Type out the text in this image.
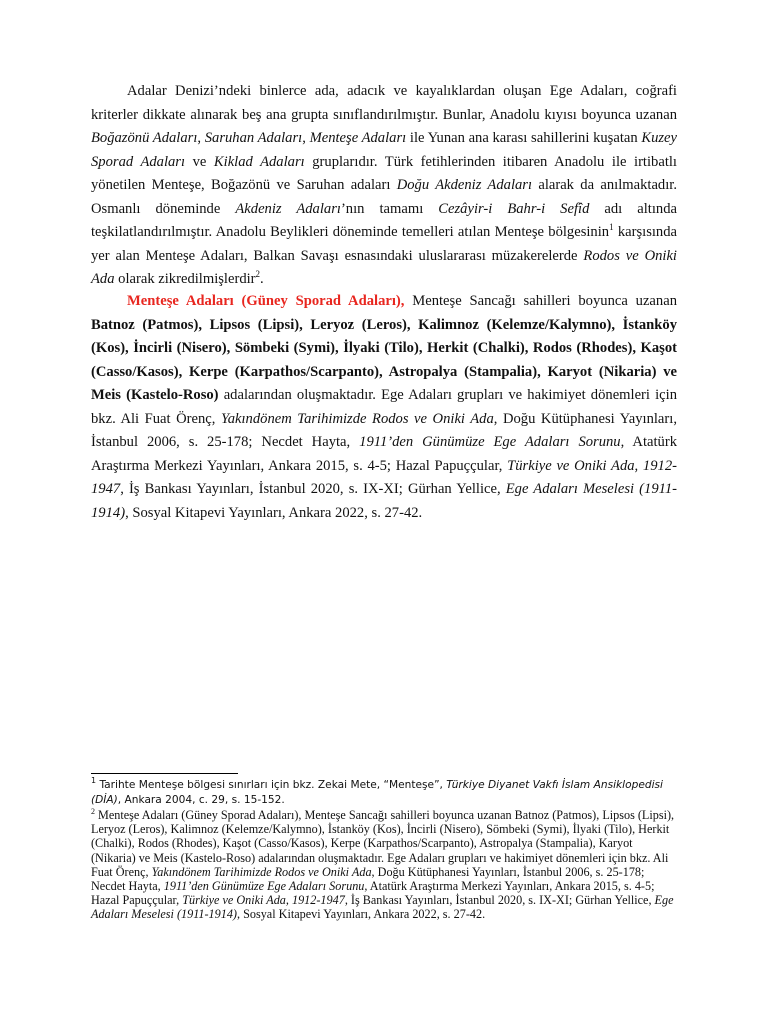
Adalar Denizi’ndeki binlerce ada, adacık ve kayalıklardan oluşan Ege Adaları, coğrafi kriterler dikkate alınarak beş ana grupta sınıflandırılmıştır. Bunlar, Anadolu kıyısı boyunca uzanan Boğazönü Adaları, Saruhan Adaları, Menteşe Adaları ile Yunan ana karası sahillerini kuşatan Kuzey Sporad Adaları ve Kiklad Adaları gruplarıdır. Türk fetihlerinden itibaren Anadolu ile irtibatlı yönetilen Menteşe, Boğazönü ve Saruhan adaları Doğu Akdeniz Adaları alarak da anılmaktadır. Osmanlı döneminde Akdeniz Adaları’nın tamamı Cezâyir-i Bahr-i Sefîd adı altında teşkilatlandırılmıştır. Anadolu Beylikleri döneminde temelleri atılan Menteşe bölgesinin$^1$ karşısında yer alan Menteşe Adaları, Balkan Savaşı esnasındaki uluslararası müzakerelerde Rodos ve Oniki Ada olarak zikredilmişlerdir$^2$.

Menteşe Adaları (Güney Sporad Adaları), Menteşe Sancağı sahilleri boyunca uzanan Batnoz (Patmos), Lipsos (Lipsi), Leryoz (Leros), Kalimnoz (Kelemze/Kalymno), İstanköy (Kos), İncirli (Nisero), Sömbeki (Symi), İlyaki (Tilo), Herkit (Chalki), Rodos (Rhodes), Kaşot (Casso/Kasos), Kerpe (Karpathos/Scarpanto), Astropalya (Stampalia), Karyot (Nikaria) ve Meis (Kastelo-Roso) adalarından oluşmaktadır. Ege Adaları grupları ve hakimiyet dönemleri için bkz. Ali Fuat Örenç, Yakındönem Tarihimizde Rodos ve Oniki Ada, Doğu Kütüphanesi Yayınları, İstanbul 2006, s. 25-178; Necdet Hayta, 1911’den Günümüze Ege Adaları Sorunu, Atatürk Araştırma Merkezi Yayınları, Ankara 2015, s. 4-5; Hazal Papuççular, Türkiye ve Oniki Ada, 1912-1947, İş Bankası Yayınları, İstanbul 2020, s. IX-XI; Gürhan Yellice, Ege Adaları Meselesi (1911-1914), Sosyal Kitapevi Yayınları, Ankara 2022, s. 27-42.

$^1$ Tarihte Menteşe bölgesi sınırları için bkz. Zekai Mete, “Menteşe”, Türkiye Diyanet Vakfı İslam Ansiklopedisi (DİA), Ankara 2004, c. 29, s. 15-152.

$^2$ Menteşe Adaları (Güney Sporad Adaları), Menteşe Sancağı sahilleri boyunca uzanan Batnoz (Patmos), Lipsos (Lipsi), Leryoz (Leros), Kalimnoz (Kelemze/Kalymno), İstanköy (Kos), İncirli (Nisero), Sömbeki (Symi), İlyaki (Tilo), Herkit (Chalki), Rodos (Rhodes), Kaşot (Casso/Kasos), Kerpe (Karpathos/Scarpanto), Astropalya (Stampalia), Karyot (Nikaria) ve Meis (Kastelo-Roso) adalarından oluşmaktadır. Ege Adaları grupları ve hakimiyet dönemleri için bkz. Ali Fuat Örenç, Yakındönem Tarihimizde Rodos ve Oniki Ada, Doğu Kütüphanesi Yayınları, İstanbul 2006, s. 25-178; Necdet Hayta, 1911’den Günümüze Ege Adaları Sorunu, Atatürk Araştırma Merkezi Yayınları, Ankara 2015, s. 4-5; Hazal Papuççular, Türkiye ve Oniki Ada, 1912-1947, İş Bankası Yayınları, İstanbul 2020, s. IX-XI; Gürhan Yellice, Ege Adaları Meselesi (1911-1914), Sosyal Kitapevi Yayınları, Ankara 2022, s. 27-42.
